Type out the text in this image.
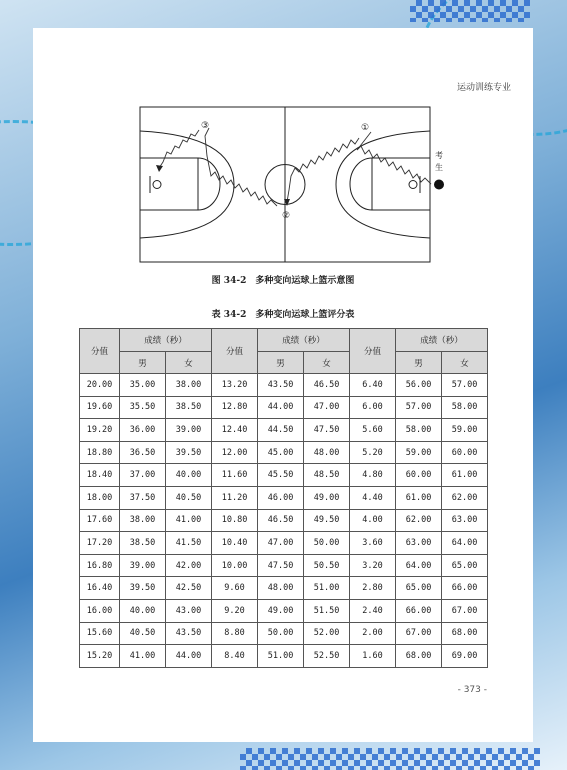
运动训练专业
考
生
①
②
③
图 34-2　多种变向运球上篮示意图
表 34-2　多种变向运球上篮评分表
分值	成绩（秒）		分值	成绩（秒）		分值	成绩（秒）	
	男	女		男	女		男	女
20.00	35.00	38.00	13.20	43.50	46.50	6.40	56.00	57.00
19.60	35.50	38.50	12.80	44.00	47.00	6.00	57.00	58.00
19.20	36.00	39.00	12.40	44.50	47.50	5.60	58.00	59.00
18.80	36.50	39.50	12.00	45.00	48.00	5.20	59.00	60.00
18.40	37.00	40.00	11.60	45.50	48.50	4.80	60.00	61.00
18.00	37.50	40.50	11.20	46.00	49.00	4.40	61.00	62.00
17.60	38.00	41.00	10.80	46.50	49.50	4.00	62.00	63.00
17.20	38.50	41.50	10.40	47.00	50.00	3.60	63.00	64.00
16.80	39.00	42.00	10.00	47.50	50.50	3.20	64.00	65.00
16.40	39.50	42.50	9.60	48.00	51.00	2.80	65.00	66.00
16.00	40.00	43.00	9.20	49.00	51.50	2.40	66.00	67.00
15.60	40.50	43.50	8.80	50.00	52.00	2.00	67.00	68.00
15.20	41.00	44.00	8.40	51.00	52.50	1.60	68.00	69.00
- 373 -
